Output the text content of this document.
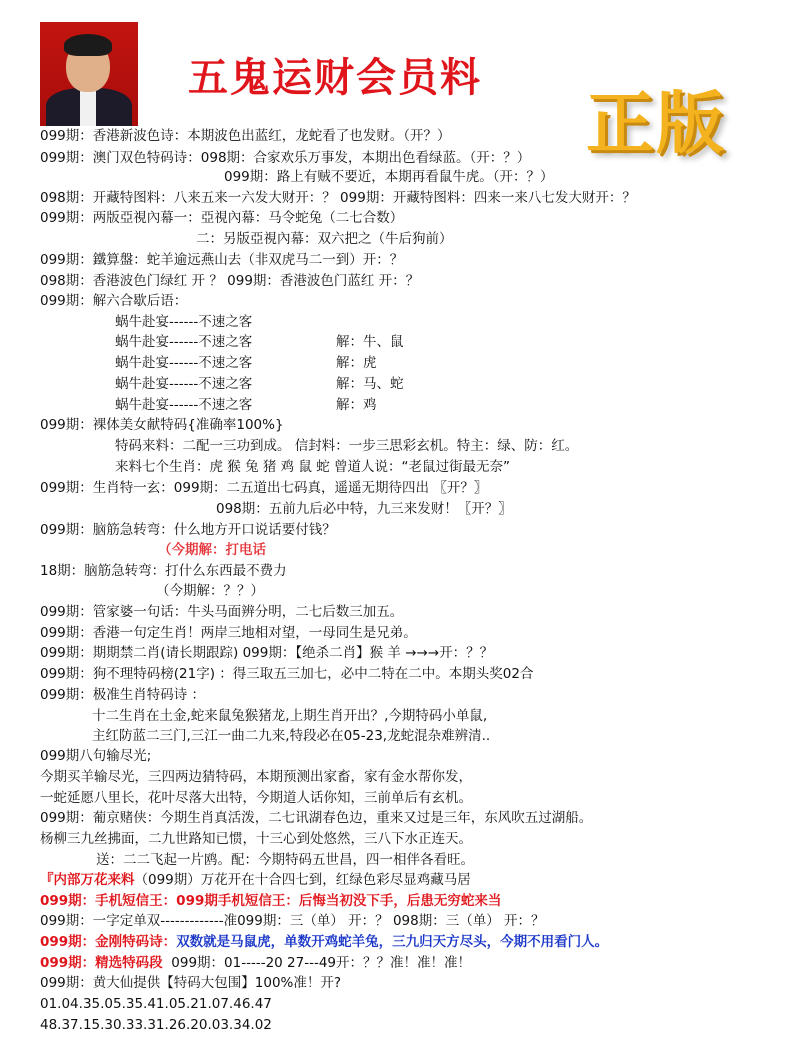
五鬼运财会员料
正版
099期：香港新波色诗：本期波色出蓝红，龙蛇看了也发财。（开？）
099期：澳门双色特码诗：098期：合家欢乐万事发，本期出色看绿蓝。（开：？）
099期：路上有贼不要近，本期再看鼠牛虎。（开：？）
098期：开藏特图料：八来五来一六发大财开：？ 099期：开藏特图料：四来一来八七发大财开：？
099期：两版亞視內幕一：亞視內幕：马令蛇兔（二七合数）
二：另版亞視內幕：双六把之（牛后狗前）
099期：鐵算盤：蛇羊逾远燕山去（非双虎马二一到）开：？
098期：香港波色门绿红 开 ？ 099期：香港波色门蓝红 开：？
099期：解六合歇后语：
蜗牛赴宴------不速之客
蜗牛赴宴------不速之客	解：牛、鼠
蜗牛赴宴------不速之客	解：虎
蜗牛赴宴------不速之客	解：马、蛇
蜗牛赴宴------不速之客	解：鸡
099期：裸体美女献特码{准确率100%}
特码来料：二配一三功到成。 信封料：一步三思彩玄机。特主：绿、防：红。
来料七个生肖：虎 猴 兔 猪 鸡 鼠 蛇 曾道人说：“老鼠过街最无奈”
099期：生肖特一玄：099期：二五道出七码真，遥遥无期待四出 〖开？〗
098期：五前九后必中特，九三来发财！〖开？〗
099期：脑筋急转弯：什么地方开口说话要付钱？
（今期解：打电话
18期：脑筋急转弯：打什么东西最不费力
（今期解：？？）
099期：管家婆一句话：牛头马面辨分明，二七后数三加五。
099期：香港一句定生肖！两岸三地相对望，一母同生是兄弟。
099期：期期禁二肖(请长期跟踪) 099期：【绝杀二肖】猴 羊 →→→开：？？
099期：狗不理特码榜(21字) ：得三取五三加七，必中二特在二中。本期头奖02合
099期：极准生肖特码诗 ：
十二生肖在土金,蛇来鼠兔猴猪龙,上期生肖开出？,今期特码小单鼠,
主红防蓝二三门,三江一曲二九来,特段必在05-23,龙蛇混杂难辨清..
099期八句输尽光;
今期买羊输尽光，三四两边猜特码，本期预测出家畜，家有金水帮你发，
一蛇延愿八里长，花叶尽落大出特，今期道人话你知，三前单后有玄机。
099期：葡京赌侠：今期生肖真活泼，二七讯湖春色边，重来又过是三年，东风吹五过湖船。
杨柳三九丝拂面，二九世路知已惯，十三心到处悠然，三八下水正连天。
送：二二飞起一片鸥。配：今期特码五世昌，四一相伴各看旺。
『内部万花来料（099期）万花开在十合四七到，红绿色彩尽显鸡藏马居
099期：手机短信王：099期手机短信王：后悔当初没下手，后患无穷蛇来当
099期：一字定单双-------------准099期：三（单） 开：？ 098期：三（单） 开：？
099期：金刚特码诗：双数就是马鼠虎，单数开鸡蛇羊兔，三九归天方尽头，今期不用看门人。
099期：精选特码段 099期：01-----20 27---49开：？？准！准！准！
099期：黄大仙提供【特码大包围】100%准！开?
01.04.35.05.35.41.05.21.07.46.47
48.37.15.30.33.31.26.20.03.34.02
